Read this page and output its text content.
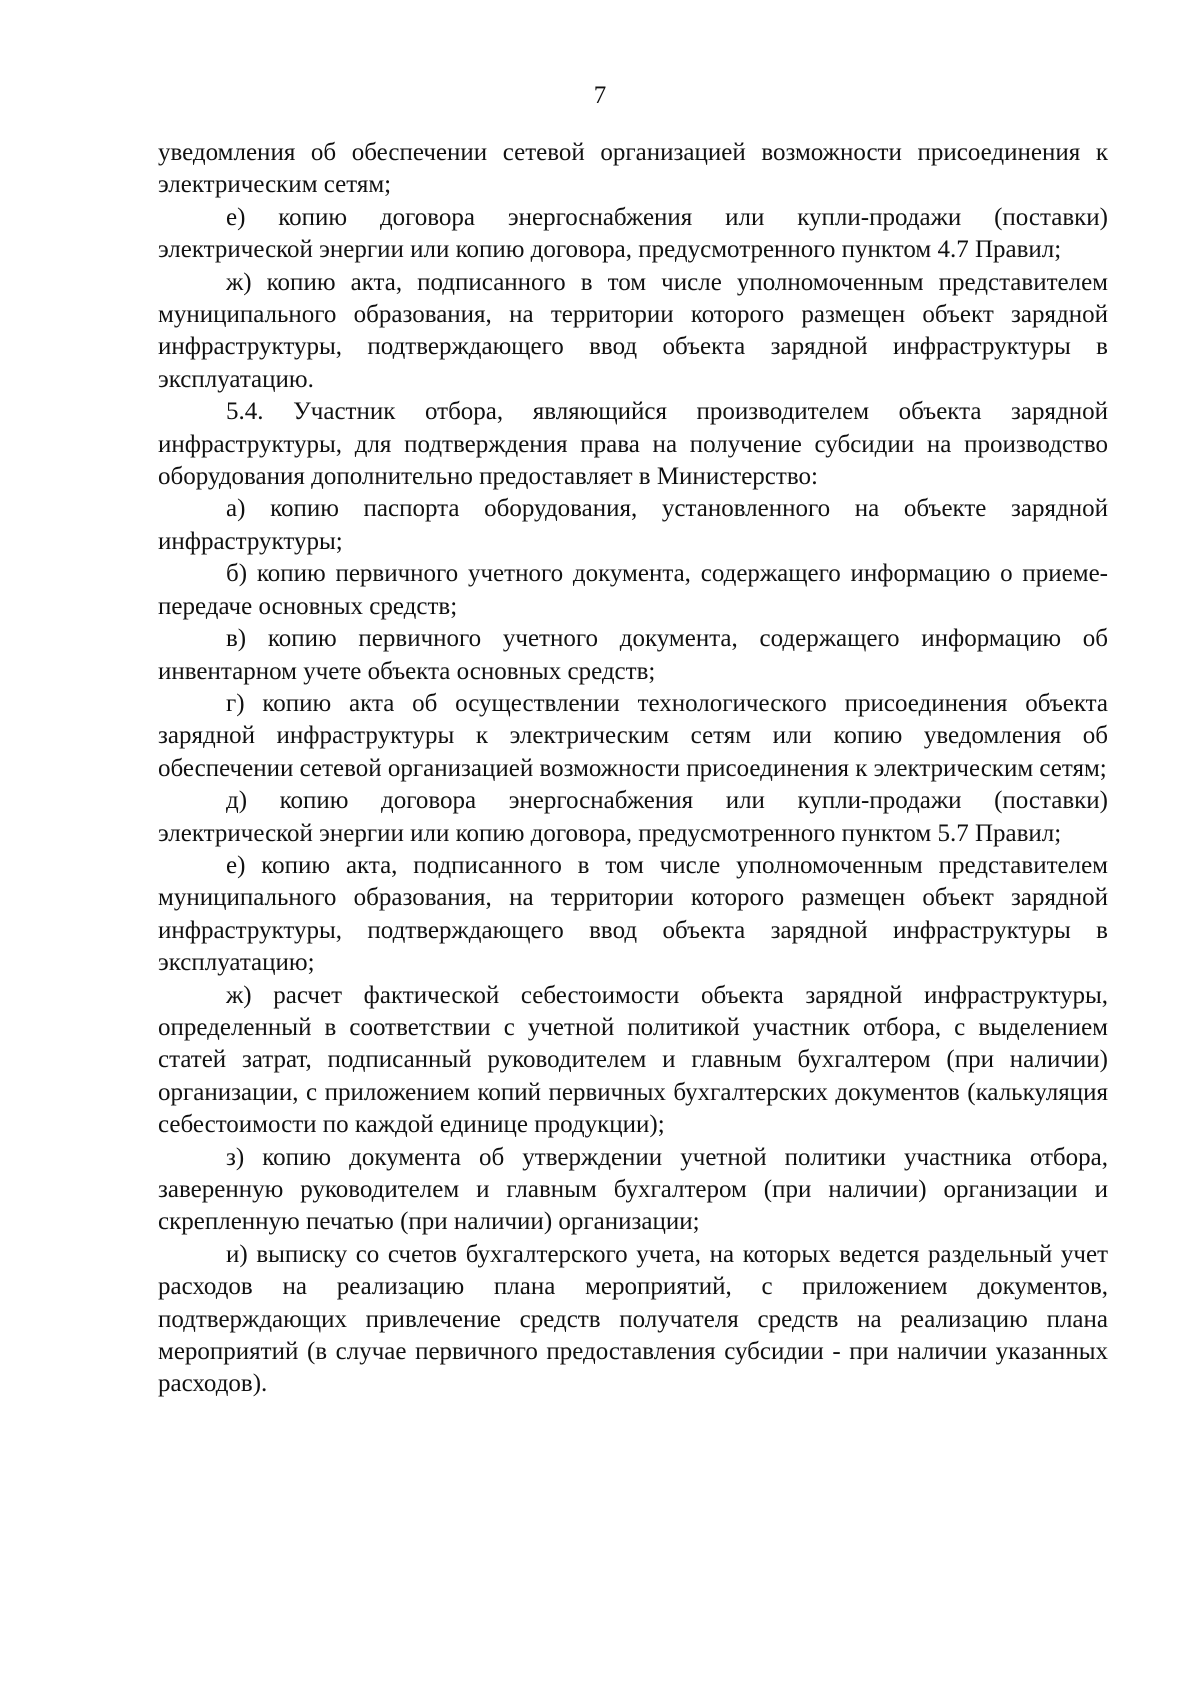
7

уведомления об обеспечении сетевой организацией возможности присоединения к электрическим сетям;

е) копию договора энергоснабжения или купли-продажи (поставки) электрической энергии или копию договора, предусмотренного пунктом 4.7 Правил;

ж) копию акта, подписанного в том числе уполномоченным представителем муниципального образования, на территории которого размещен объект зарядной инфраструктуры, подтверждающего ввод объекта зарядной инфраструктуры в эксплуатацию.

5.4. Участник отбора, являющийся производителем объекта зарядной инфраструктуры, для подтверждения права на получение субсидии на производство оборудования дополнительно предоставляет в Министерство:

а) копию паспорта оборудования, установленного на объекте зарядной инфраструктуры;

б) копию первичного учетного документа, содержащего информацию о приеме-передаче основных средств;

в) копию первичного учетного документа, содержащего информацию об инвентарном учете объекта основных средств;

г) копию акта об осуществлении технологического присоединения объекта зарядной инфраструктуры к электрическим сетям или копию уведомления об обеспечении сетевой организацией возможности присоединения к электрическим сетям;

д) копию договора энергоснабжения или купли-продажи (поставки) электрической энергии или копию договора, предусмотренного пунктом 5.7 Правил;

е) копию акта, подписанного в том числе уполномоченным представителем муниципального образования, на территории которого размещен объект зарядной инфраструктуры, подтверждающего ввод объекта зарядной инфраструктуры в эксплуатацию;

ж) расчет фактической себестоимости объекта зарядной инфраструктуры, определенный в соответствии с учетной политикой участник отбора, с выделением статей затрат, подписанный руководителем и главным бухгалтером (при наличии) организации, с приложением копий первичных бухгалтерских документов (калькуляция себестоимости по каждой единице продукции);

з) копию документа об утверждении учетной политики участника отбора, заверенную руководителем и главным бухгалтером (при наличии) организации и скрепленную печатью (при наличии) организации;

и) выписку со счетов бухгалтерского учета, на которых ведется раздельный учет расходов на реализацию плана мероприятий, с приложением документов, подтверждающих привлечение средств получателя средств на реализацию плана мероприятий (в случае первичного предоставления субсидии - при наличии указанных расходов).
